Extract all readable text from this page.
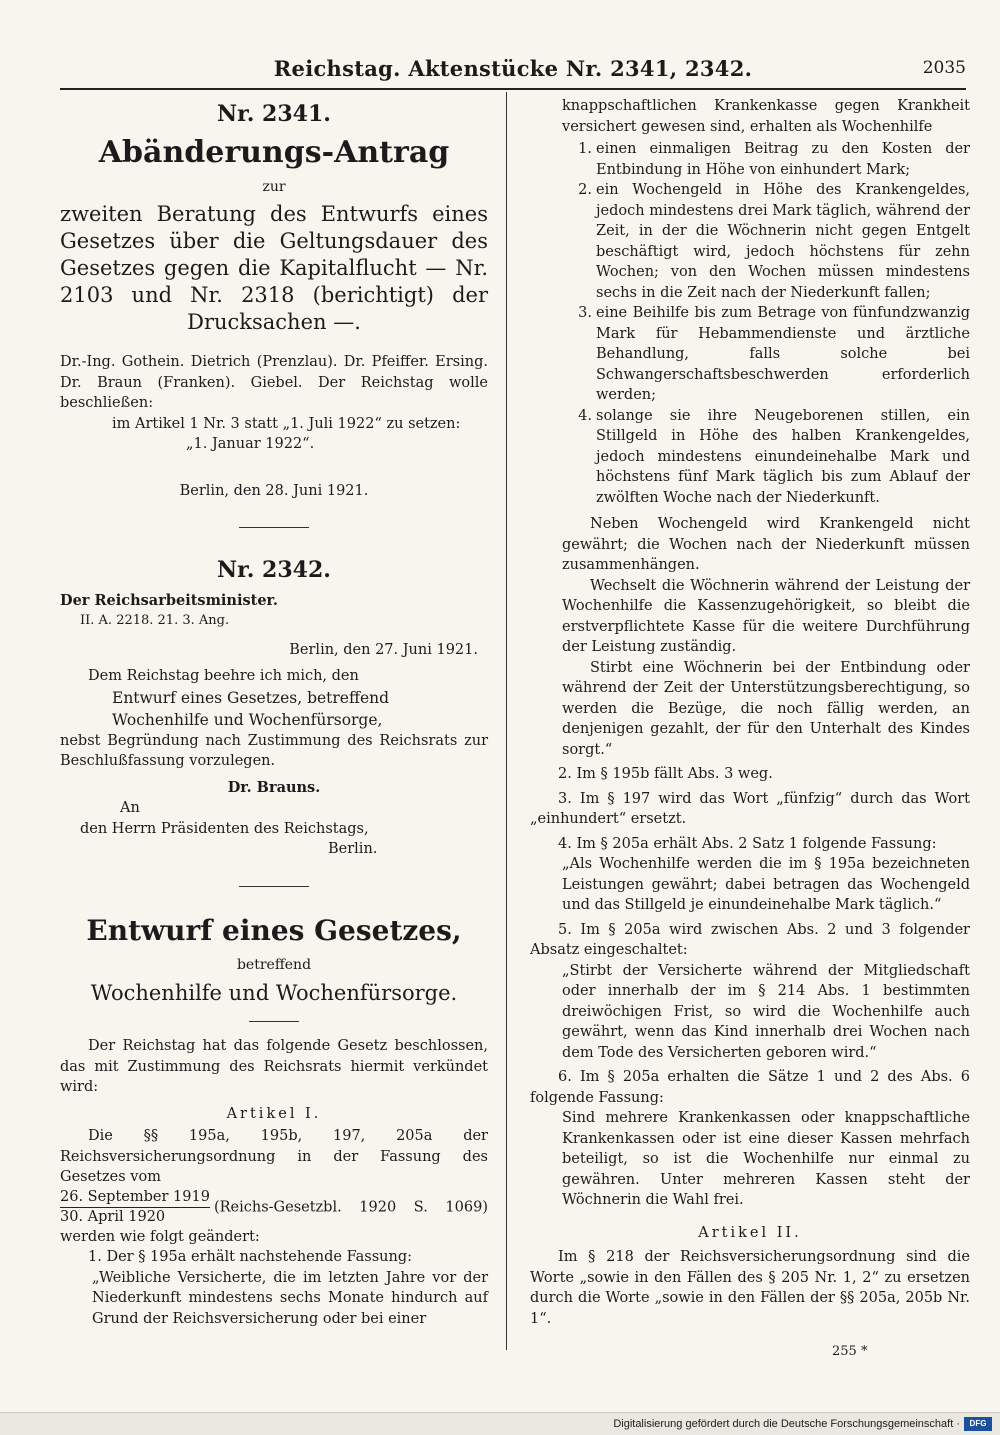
Reichstag. Aktenstücke Nr. 2341, 2342.	2035
Nr. 2341.
Abänderungs-Antrag
zur
zweiten Beratung des Entwurfs eines Gesetzes über die Geltungsdauer des Gesetzes gegen die Kapitalflucht — Nr. 2103 und Nr. 2318 (berichtigt) der Drucksachen —.

Dr.-Ing. Gothein. Dietrich (Prenzlau). Dr. Pfeiffer. Ersing. Dr. Braun (Franken). Giebel. Der Reichstag wolle beschließen:

im Artikel 1 Nr. 3 statt „1. Juli 1922“ zu setzen:

„1. Januar 1922“.

Berlin, den 28. Juni 1921.

Nr. 2342.

Der Reichsarbeitsminister.

II. A. 2218. 21. 3. Ang.

Berlin, den 27. Juni 1921.

Dem Reichstag beehre ich mich, den

Entwurf eines Gesetzes, betreffend Wochenhilfe und Wochenfürsorge,

nebst Begründung nach Zustimmung des Reichsrats zur Beschlußfassung vorzulegen.

Dr. Brauns.

An

den Herrn Präsidenten des Reichstags,

Berlin.

Entwurf eines Gesetzes,
betreffend
Wochenhilfe und Wochenfürsorge.

Der Reichstag hat das folgende Gesetz beschlossen, das mit Zustimmung des Reichsrats hiermit verkündet wird:

Artikel I.

Die §§ 195a, 195b, 197, 205a der Reichsversicherungsordnung in der Fassung des Gesetzes vom

$\frac{\text{26. September 1919}}{\text{30. April 1920}}$ (Reichs-Gesetzbl. 1920 S. 1069) werden wie folgt geändert:

1. Der § 195a erhält nachstehende Fassung:

„Weibliche Versicherte, die im letzten Jahre vor der Niederkunft mindestens sechs Monate hindurch auf Grund der Reichsversicherung oder bei einer

knappschaftlichen Krankenkasse gegen Krankheit versichert gewesen sind, erhalten als Wochenhilfe

1. einen einmaligen Beitrag zu den Kosten der Entbindung in Höhe von einhundert Mark;
2. ein Wochengeld in Höhe des Krankengeldes, jedoch mindestens drei Mark täglich, während der Zeit, in der die Wöchnerin nicht gegen Entgelt beschäftigt wird, jedoch höchstens für zehn Wochen; von den Wochen müssen mindestens sechs in die Zeit nach der Niederkunft fallen;
3. eine Beihilfe bis zum Betrage von fünfundzwanzig Mark für Hebammendienste und ärztliche Behandlung, falls solche bei Schwangerschaftsbeschwerden erforderlich werden;
4. solange sie ihre Neugeborenen stillen, ein Stillgeld in Höhe des halben Krankengeldes, jedoch mindestens einundeinehalbe Mark und höchstens fünf Mark täglich bis zum Ablauf der zwölften Woche nach der Niederkunft.

Neben Wochengeld wird Krankengeld nicht gewährt; die Wochen nach der Niederkunft müssen zusammenhängen.

Wechselt die Wöchnerin während der Leistung der Wochenhilfe die Kassenzugehörigkeit, so bleibt die erstverpflichtete Kasse für die weitere Durchführung der Leistung zuständig.

Stirbt eine Wöchnerin bei der Entbindung oder während der Zeit der Unterstützungsberechtigung, so werden die Bezüge, die noch fällig werden, an denjenigen gezahlt, der für den Unterhalt des Kindes sorgt.“

2. Im § 195b fällt Abs. 3 weg.

3. Im § 197 wird das Wort „fünfzig“ durch das Wort „einhundert“ ersetzt.

4. Im § 205a erhält Abs. 2 Satz 1 folgende Fassung:

„Als Wochenhilfe werden die im § 195a bezeichneten Leistungen gewährt; dabei betragen das Wochengeld und das Stillgeld je einundeinehalbe Mark täglich.“

5. Im § 205a wird zwischen Abs. 2 und 3 folgender Absatz eingeschaltet:

„Stirbt der Versicherte während der Mitgliedschaft oder innerhalb der im § 214 Abs. 1 bestimmten dreiwöchigen Frist, so wird die Wochenhilfe auch gewährt, wenn das Kind innerhalb drei Wochen nach dem Tode des Versicherten geboren wird.“

6. Im § 205a erhalten die Sätze 1 und 2 des Abs. 6 folgende Fassung:

Sind mehrere Krankenkassen oder knappschaftliche Krankenkassen oder ist eine dieser Kassen mehrfach beteiligt, so ist die Wochenhilfe nur einmal zu gewähren. Unter mehreren Kassen steht der Wöchnerin die Wahl frei.

Artikel II.

Im § 218 der Reichsversicherungsordnung sind die Worte „sowie in den Fällen des § 205 Nr. 1, 2“ zu ersetzen durch die Worte „sowie in den Fällen der §§ 205a, 205b Nr. 1“.

255 *
Digitalisierung gefördert durch die Deutsche Forschungsgemeinschaft ·	DFG
